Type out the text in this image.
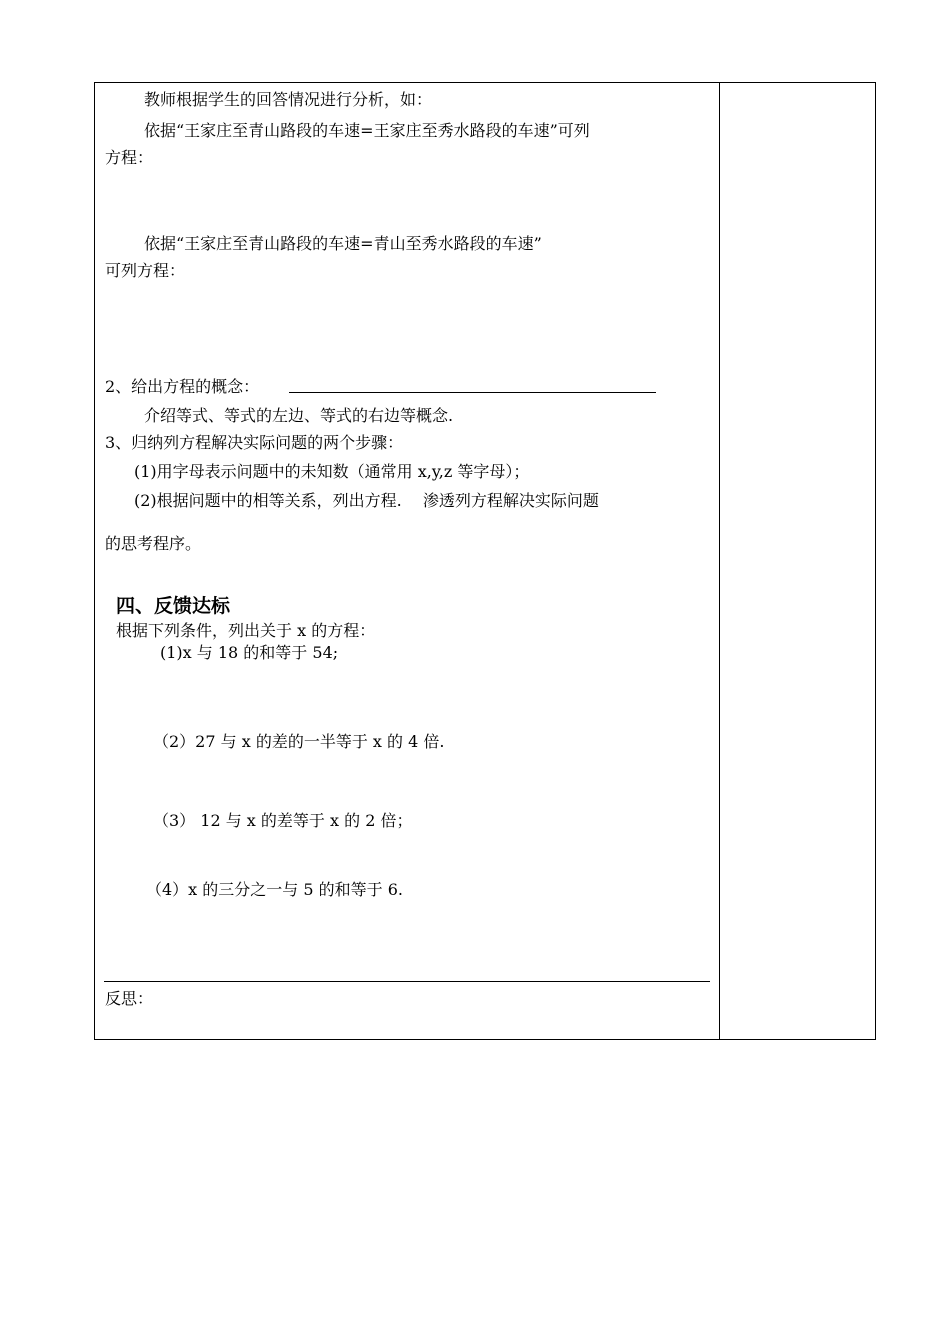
教师根据学生的回答情况进行分析，如：
依据“王家庄至青山路段的车速=王家庄至秀水路段的车速”可列
方程：
依据“王家庄至青山路段的车速=青山至秀水路段的车速”
可列方程：
2、给出方程的概念：
介绍等式、等式的左边、等式的右边等概念.
3、归纳列方程解决实际问题的两个步骤：
(1)用字母表示问题中的未知数（通常用 x,y,z 等字母）；
(2)根据问题中的相等关系，列出方程.　 渗透列方程解决实际问题
的思考程序。
四、反馈达标
根据下列条件，列出关于 x 的方程：
(1)x 与 18 的和等于 54;
（2）27 与 x 的差的一半等于 x 的 4 倍.
（3） 12 与 x 的差等于 x 的 2 倍；
（4）x 的三分之一与 5 的和等于 6.
反思：
